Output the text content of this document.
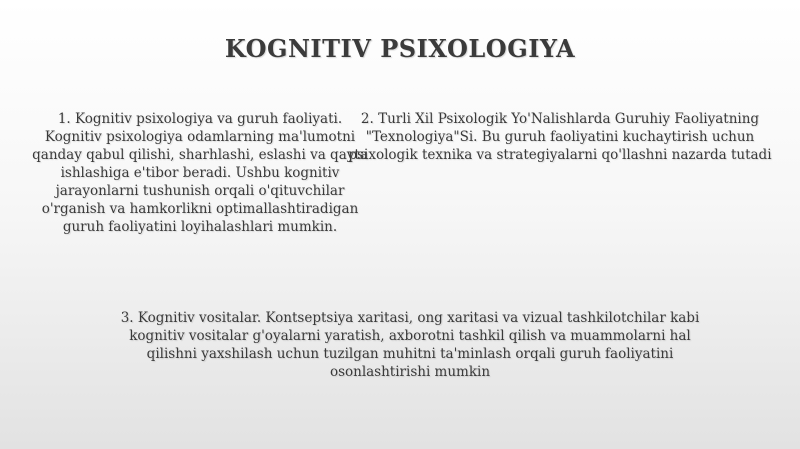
KOGNITIV PSIXOLOGIYA
1. Kognitiv psixologiya va guruh faoliyati. Kognitiv psixologiya odamlarning ma'lumotni qanday qabul qilishi, sharhlashi, eslashi va qayta ishlashiga e'tibor beradi. Ushbu kognitiv jarayonlarni tushunish orqali o'qituvchilar o'rganish va hamkorlikni optimallashtiradigan guruh faoliyatini loyihalashlari mumkin.
2. Turli Xil Psixologik Yo'Nalishlarda Guruhiy Faoliyatning "Texnologiya"Si. Bu guruh faoliyatini kuchaytirish uchun psixologik texnika va strategiyalarni qo'llashni nazarda tutadi
3. Kognitiv vositalar. Kontseptsiya xaritasi, ong xaritasi va vizual tashkilotchilar kabi kognitiv vositalar g'oyalarni yaratish, axborotni tashkil qilish va muammolarni hal qilishni yaxshilash uchun tuzilgan muhitni ta'minlash orqali guruh faoliyatini osonlashtirishi mumkin
